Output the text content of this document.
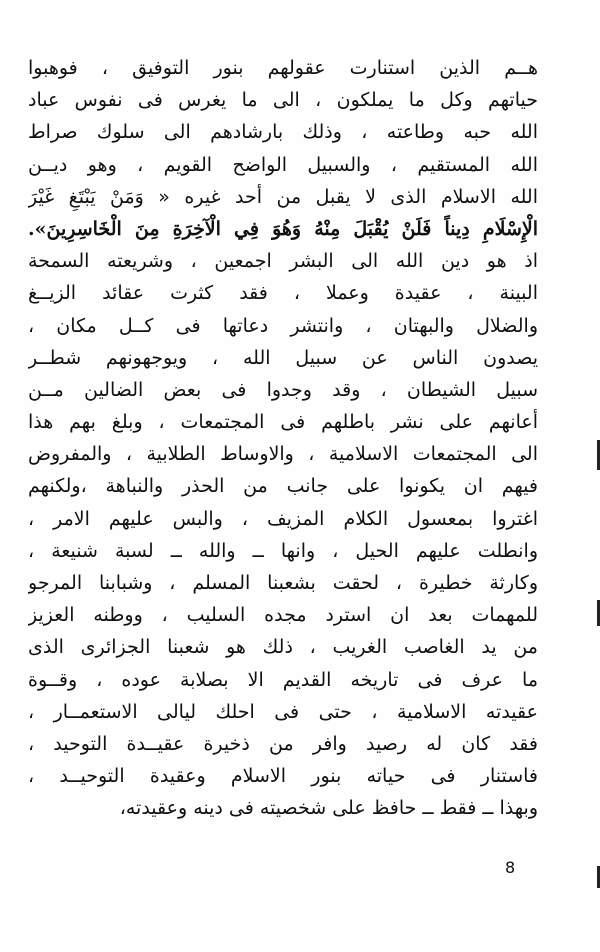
هــم الذين استنارت عقولهم بنور التوفيق ، فوهبوا
حياتهم وكل ما يملكون ، الى ما يغرس فى نفوس عباد
الله حبه وطاعته ، وذلك بارشادهم الى سلوك صراط
الله المستقيم ، والسبيل الواضح القويم ، وهو ديــن
الله الاسلام الذى لا يقبل من أحد غيره « وَمَنْ يَبْتَغِ غَيْرَ
الْإِسْلَامِ دِيناً فَلَنْ يُقْبَلَ مِنْهُ وَهُوَ فِي الْآخِرَةِ مِنَ الْخَاسِرِينَ».
اذ هو دين الله الى البشر اجمعين ، وشريعته السمحة
البينة ، عقيدة وعملا ، فقد كثرت عقائد الزيــغ
والضلال والبهتان ، وانتشر دعاتها فى كــل مكان ،
يصدون الناس عن سبيل الله ، ويوجهونهم شطــر
سبيل الشيطان ، وقد وجدوا فى بعض الضالين مــن
أعانهم على نشر باطلهم فى المجتمعات ، وبلغ بهم هذا
الى المجتمعات الاسلامية ، والاوساط الطلابية ، والمفروض
فيهم ان يكونوا على جانب من الحذر والنباهة ،ولكنهم
اغتروا بمعسول الكلام المزيف ، والبس عليهم الامر ،
وانطلت عليهم الحيل ، وانها ــ والله ــ لسبة شنيعة ،
وكارثة خطيرة ، لحقت بشعبنا المسلم ، وشبابنا المرجو
للمهمات بعد ان استرد مجده السليب ، ووطنه العزيز
من يد الغاصب الغريب ، ذلك هو شعبنا الجزائرى الذى
ما عرف فى تاريخه القديم الا بصلابة عوده ، وقــوة
عقيدته الاسلامية ، حتى فى احلك ليالى الاستعمــار ،
فقد كان له رصيد وافر من ذخيرة عقيــدة التوحيد ،
فاستنار فى حياته بنور الاسلام وعقيدة التوحيــد ،
وبهذا ــ فقط ــ حافظ على شخصيته فى دينه وعقيدته،
8
